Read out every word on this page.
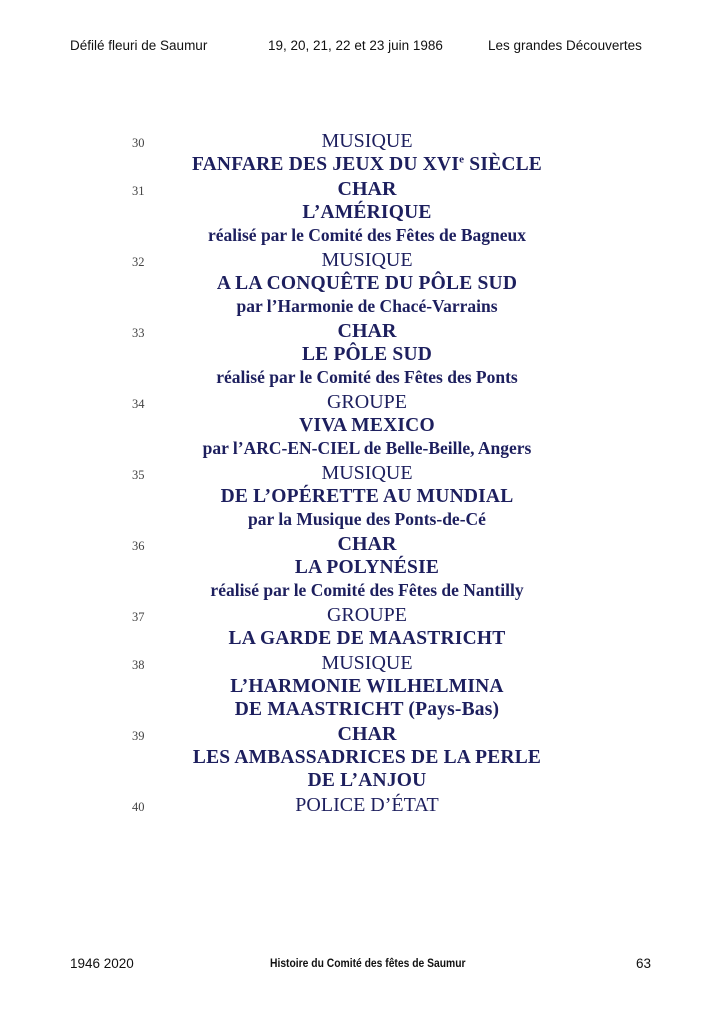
Défilé fleuri de Saumur	19, 20, 21, 22 et 23 juin 1986	Les grandes Découvertes
30	MUSIQUE
FANFARE DES JEUX DU XVIe SIÈCLE
31	CHAR
L’AMÉRIQUE
réalisé par le Comité des Fêtes de Bagneux
32	MUSIQUE
A LA CONQUÊTE DU PÔLE SUD
par l’Harmonie de Chacé-Varrains
33	CHAR
LE PÔLE SUD
réalisé par le Comité des Fêtes des Ponts
34	GROUPE
VIVA MEXICO
par l’ARC-EN-CIEL de Belle-Beille, Angers
35	MUSIQUE
DE L’OPÉRETTE AU MUNDIAL
par la Musique des Ponts-de-Cé
36	CHAR
LA POLYNÉSIE
réalisé par le Comité des Fêtes de Nantilly
37	GROUPE
LA GARDE DE MAASTRICHT
38	MUSIQUE
L’HARMONIE WILHELMINA
DE MAASTRICHT (Pays-Bas)
39	CHAR
LES AMBASSADRICES DE LA PERLE
DE L’ANJOU
40	POLICE D’ÉTAT
1946 2020	Histoire du Comité des fêtes de Saumur	63
